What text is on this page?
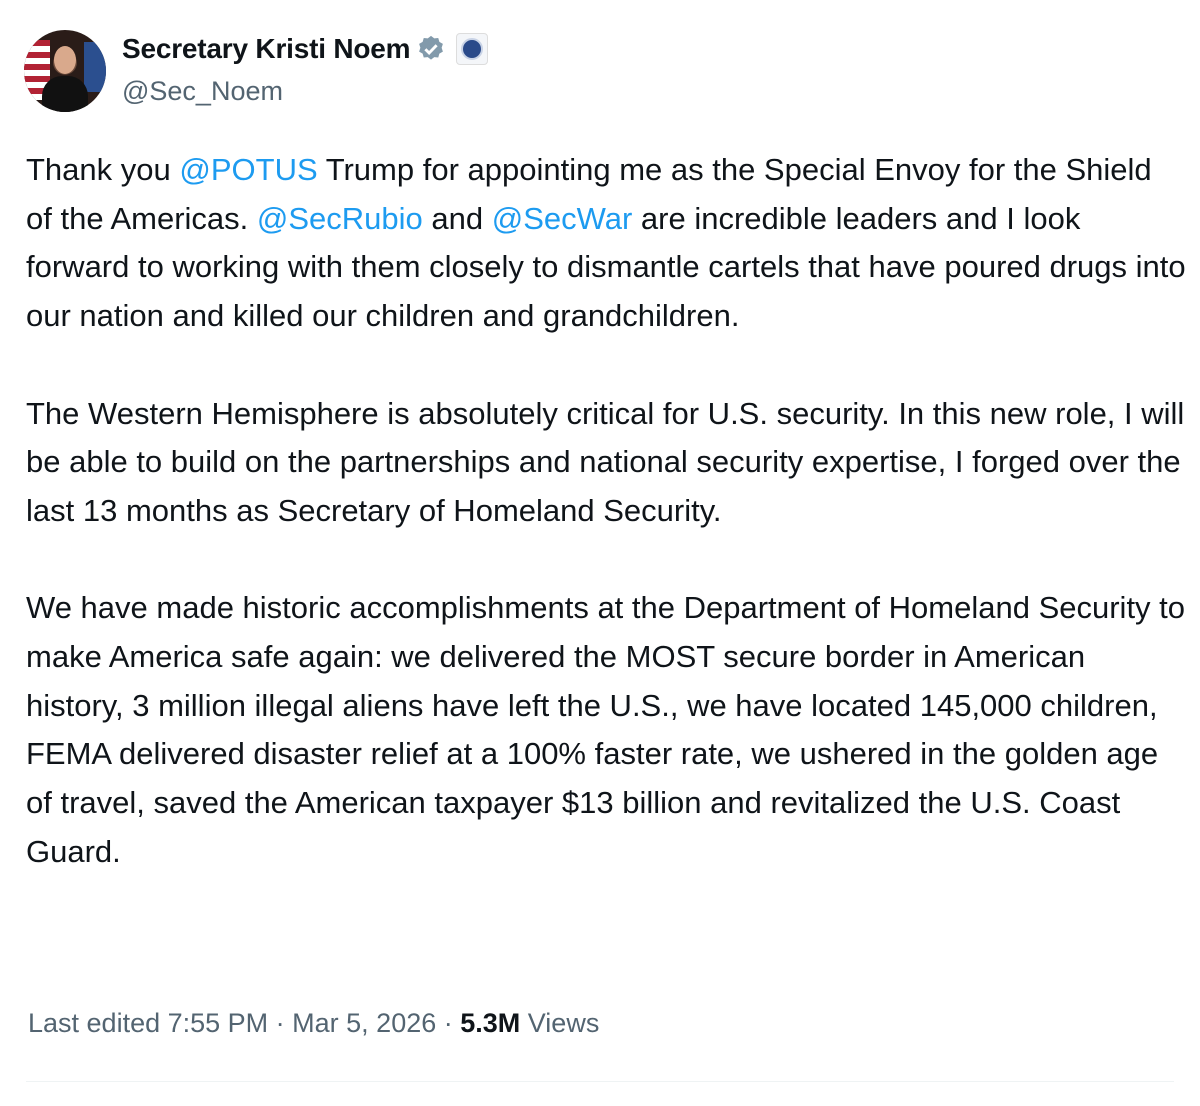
Secretary Kristi Noem
@Sec_Noem

Thank you @POTUS Trump for appointing me as the Special Envoy for the Shield of the Americas. @SecRubio and @SecWar are incredible leaders and I look forward to working with them closely to dismantle cartels that have poured drugs into our nation and killed our children and grandchildren.

The Western Hemisphere is absolutely critical for U.S. security. In this new role, I will be able to build on the partnerships and national security expertise, I forged over the last 13 months as Secretary of Homeland Security.

We have made historic accomplishments at the Department of Homeland Security to make America safe again: we delivered the MOST secure border in American history, 3 million illegal aliens have left the U.S., we have located 145,000 children, FEMA delivered disaster relief at a 100% faster rate, we ushered in the golden age of travel, saved the American taxpayer $13 billion and revitalized the U.S. Coast Guard.

Last edited 7:55 PM · Mar 5, 2026 · 5.3M Views
